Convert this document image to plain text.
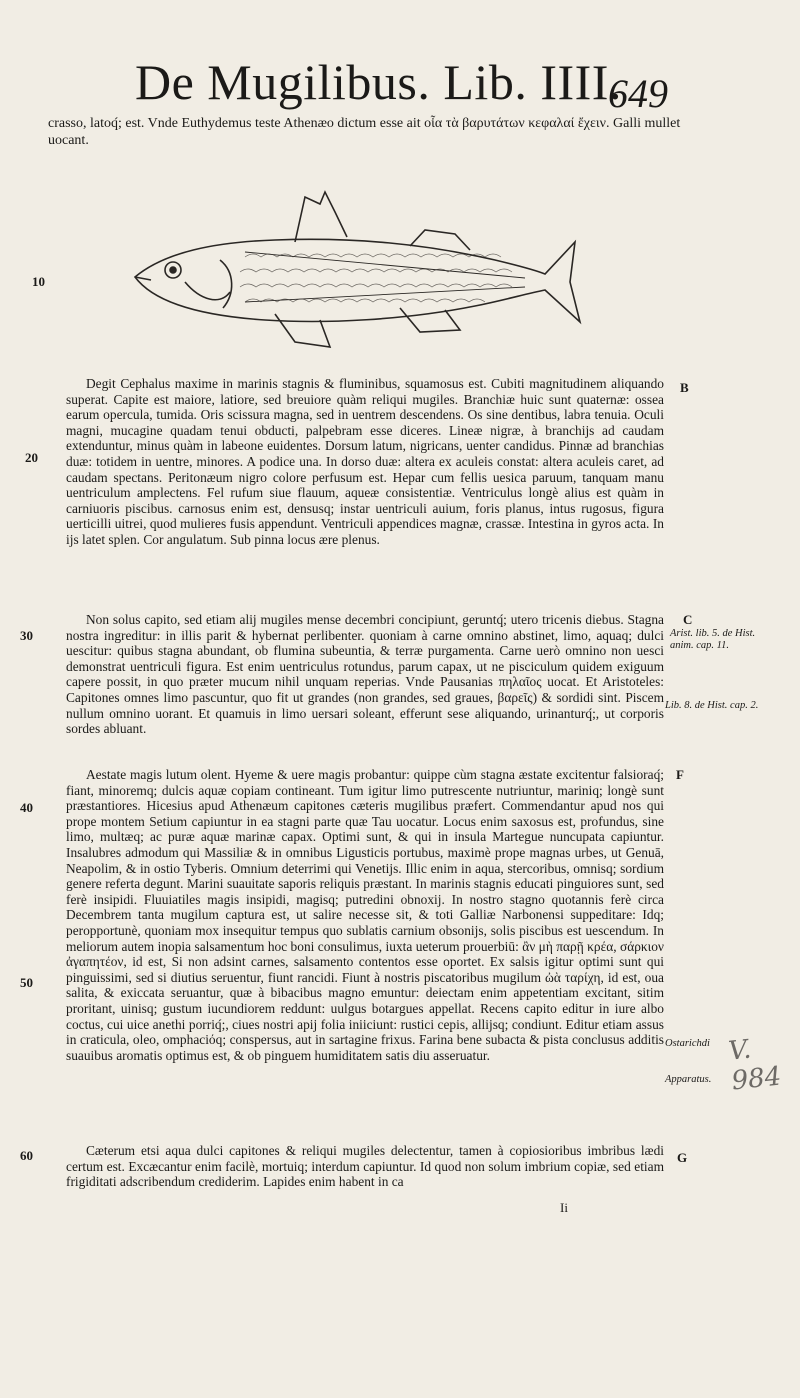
De Mugilibus. Lib. IIII.
649
crasso, latoq́; est. Vnde Euthydemus teste Athenæo dictum esse ait οἷα τὰ βαρυτάτων κεφαλαί ἔχειν. Galli mullet uocant.
10
20
30
40
50
60
B
C
F
G
Degit Cephalus maxime in marinis stagnis & fluminibus, squamosus est. Cubiti magnitudinem aliquando superat. Capite est maiore, latiore, sed breuiore quàm reliqui mugiles. Branchiæ huic sunt quaternæ: ossea earum opercula, tumida. Oris scissura magna, sed in uentrem descendens. Os sine dentibus, labra tenuia. Oculi magni, mucagine quadam tenui obducti, palpebram esse diceres. Lineæ nigræ, à branchijs ad caudam extenduntur, minus quàm in labeone euidentes. Dorsum latum, nigricans, uenter candidus. Pinnæ ad branchias duæ: totidem in uentre, minores. A podice una. In dorso duæ: altera ex aculeis constat: altera aculeis caret, ad caudam spectans. Peritonæum nigro colore perfusum est. Hepar cum fellis uesica paruum, tanquam manu uentriculum amplectens. Fel rufum siue flauum, aqueæ consistentiæ. Ventriculus longè alius est quàm in carniuoris piscibus. carnosus enim est, densusq; instar uentriculi auium, foris planus, intus rugosus, figura uerticilli uitrei, quod mulieres fusis appendunt. Ventriculi appendices magnæ, crassæ. Intestina in gyros acta. In ijs latet splen. Cor angulatum. Sub pinna locus ære plenus.
Non solus capito, sed etiam alij mugiles mense decembri concipiunt, geruntq́; utero tricenis diebus. Stagna nostra ingreditur: in illis parit & hybernat perlibenter. quoniam à carne omnino abstinet, limo, aquaq; dulci uescitur: quibus stagna abundant, ob flumina subeuntia, & terræ purgamenta. Carne uerò omnino non uesci demonstrat uentriculi figura. Est enim uentriculus rotundus, parum capax, ut ne pisciculum quidem exiguum capere possit, in quo præter mucum nihil unquam reperias. Vnde Pausanias πηλαῖος uocat. Et Aristoteles: Capitones omnes limo pascuntur, quo fit ut grandes (non grandes, sed graues, βαρεῖς) & sordidi sint. Piscem nullum omnino uorant. Et quamuis in limo uersari soleant, efferunt sese aliquando, urinanturq́;, ut corporis sordes abluant.
Aestate magis lutum olent. Hyeme & uere magis probantur: quippe cùm stagna æstate excitentur falsioraq́; fiant, minoremq; dulcis aquæ copiam contineant. Tum igitur limo putrescente nutriuntur, mariniq; longè sunt præstantiores. Hicesius apud Athenæum capitones cæteris mugilibus præfert. Commendantur apud nos qui prope montem Setium capiuntur in ea stagni parte quæ Tau uocatur. Locus enim saxosus est, profundus, sine limo, multæq; ac puræ aquæ marinæ capax. Optimi sunt, & qui in insula Martegue nuncupata capiuntur. Insalubres admodum qui Massiliæ & in omnibus Ligusticis portubus, maximè prope magnas urbes, ut Genuā, Neapolim, & in ostio Tyberis. Omnium deterrimi qui Venetijs. Illic enim in aqua, stercoribus, omnisq; sordium genere referta degunt. Marini suauitate saporis reliquis præstant. In marinis stagnis educati pinguiores sunt, sed ferè insipidi. Fluuiatiles magis insipidi, magisq; putredini obnoxij. In nostro stagno quotannis ferè circa Decembrem tanta mugilum captura est, ut salire necesse sit, & toti Galliæ Narbonensi suppeditare: Idq; peropportunè, quoniam mox insequitur tempus quo sublatis carnium obsonijs, solis piscibus est uescendum. In meliorum autem inopia salsamentum hoc boni consulimus, iuxta ueterum prouerbiū: ἂν μὴ παρῇ κρέα, σάρκιον ἀγαπητέον, id est, Si non adsint carnes, salsamento contentos esse oportet. Ex salsis igitur optimi sunt qui pinguissimi, sed si diutius seruentur, fiunt rancidi. Fiunt à nostris piscatoribus mugilum ὠὰ ταρίχη, id est, oua salita, & exiccata seruantur, quæ à bibacibus magno emuntur: deiectam enim appetentiam excitant, sitim proritant, uinisq; gustum iucundiorem reddunt: uulgus botargues appellat. Recens capito editur in iure albo coctus, cui uice anethi porriq́;, ciues nostri apij folia iniiciunt: rustici cepis, allijsq; condiunt. Editur etiam assus in craticula, oleo, omphaciόq; conspersus, aut in sartagine frixus. Farina bene subacta & pista conclusus additis suauibus aromatis optimus est, & ob pinguem humiditatem satis diu asseruatur.
Cæterum etsi aqua dulci capitones & reliqui mugiles delectentur, tamen à copiosioribus imbribus lædi certum est. Excæcantur enim facilè, mortuiq; interdum capiuntur. Id quod non solum imbrium copiæ, sed etiam frigiditati adscribendum crediderim. Lapides enim habent in ca
Arist. lib. 5. de Hist. anim. cap. 11.
Lib. 8. de Hist. cap. 2.
Ostarichdi
Apparatus.
V. 984
Ii
